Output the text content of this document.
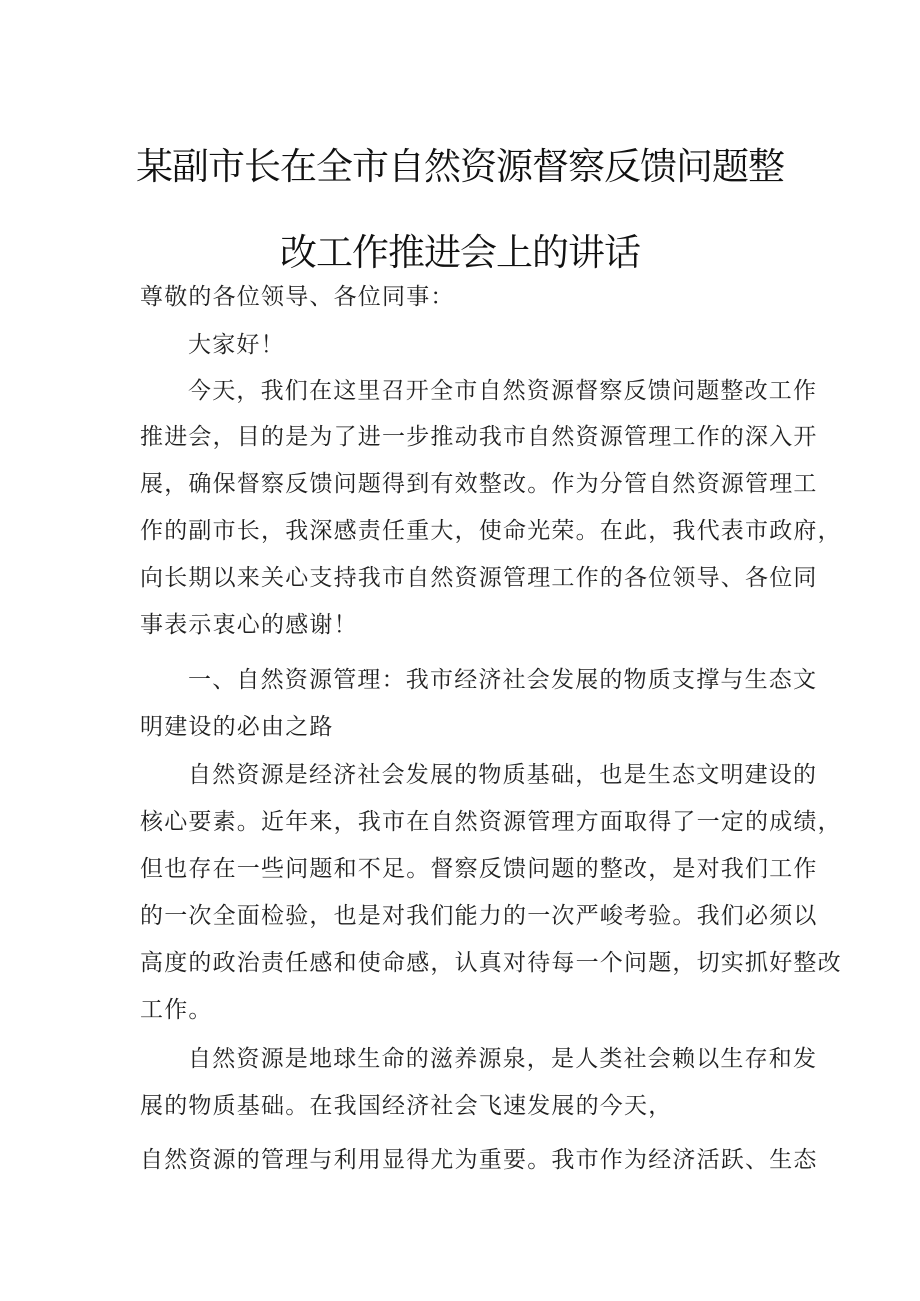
某副市长在全市自然资源督察反馈问题整
改工作推进会上的讲话

尊敬的各位领导、各位同事：

大家好！

今天，我们在这里召开全市自然资源督察反馈问题整改工作

推进会，目的是为了进一步推动我市自然资源管理工作的深入开

展，确保督察反馈问题得到有效整改。作为分管自然资源管理工

作的副市长，我深感责任重大，使命光荣。在此，我代表市政府，

向长期以来关心支持我市自然资源管理工作的各位领导、各位同

事表示衷心的感谢！

一、自然资源管理：我市经济社会发展的物质支撑与生态文

明建设的必由之路

自然资源是经济社会发展的物质基础，也是生态文明建设的

核心要素。近年来，我市在自然资源管理方面取得了一定的成绩，

但也存在一些问题和不足。督察反馈问题的整改，是对我们工作

的一次全面检验，也是对我们能力的一次严峻考验。我们必须以

高度的政治责任感和使命感，认真对待每一个问题，切实抓好整改

工作。

自然资源是地球生命的滋养源泉，是人类社会赖以生存和发

展的物质基础。在我国经济社会飞速发展的今天，

自然资源的管理与利用显得尤为重要。我市作为经济活跃、生态
